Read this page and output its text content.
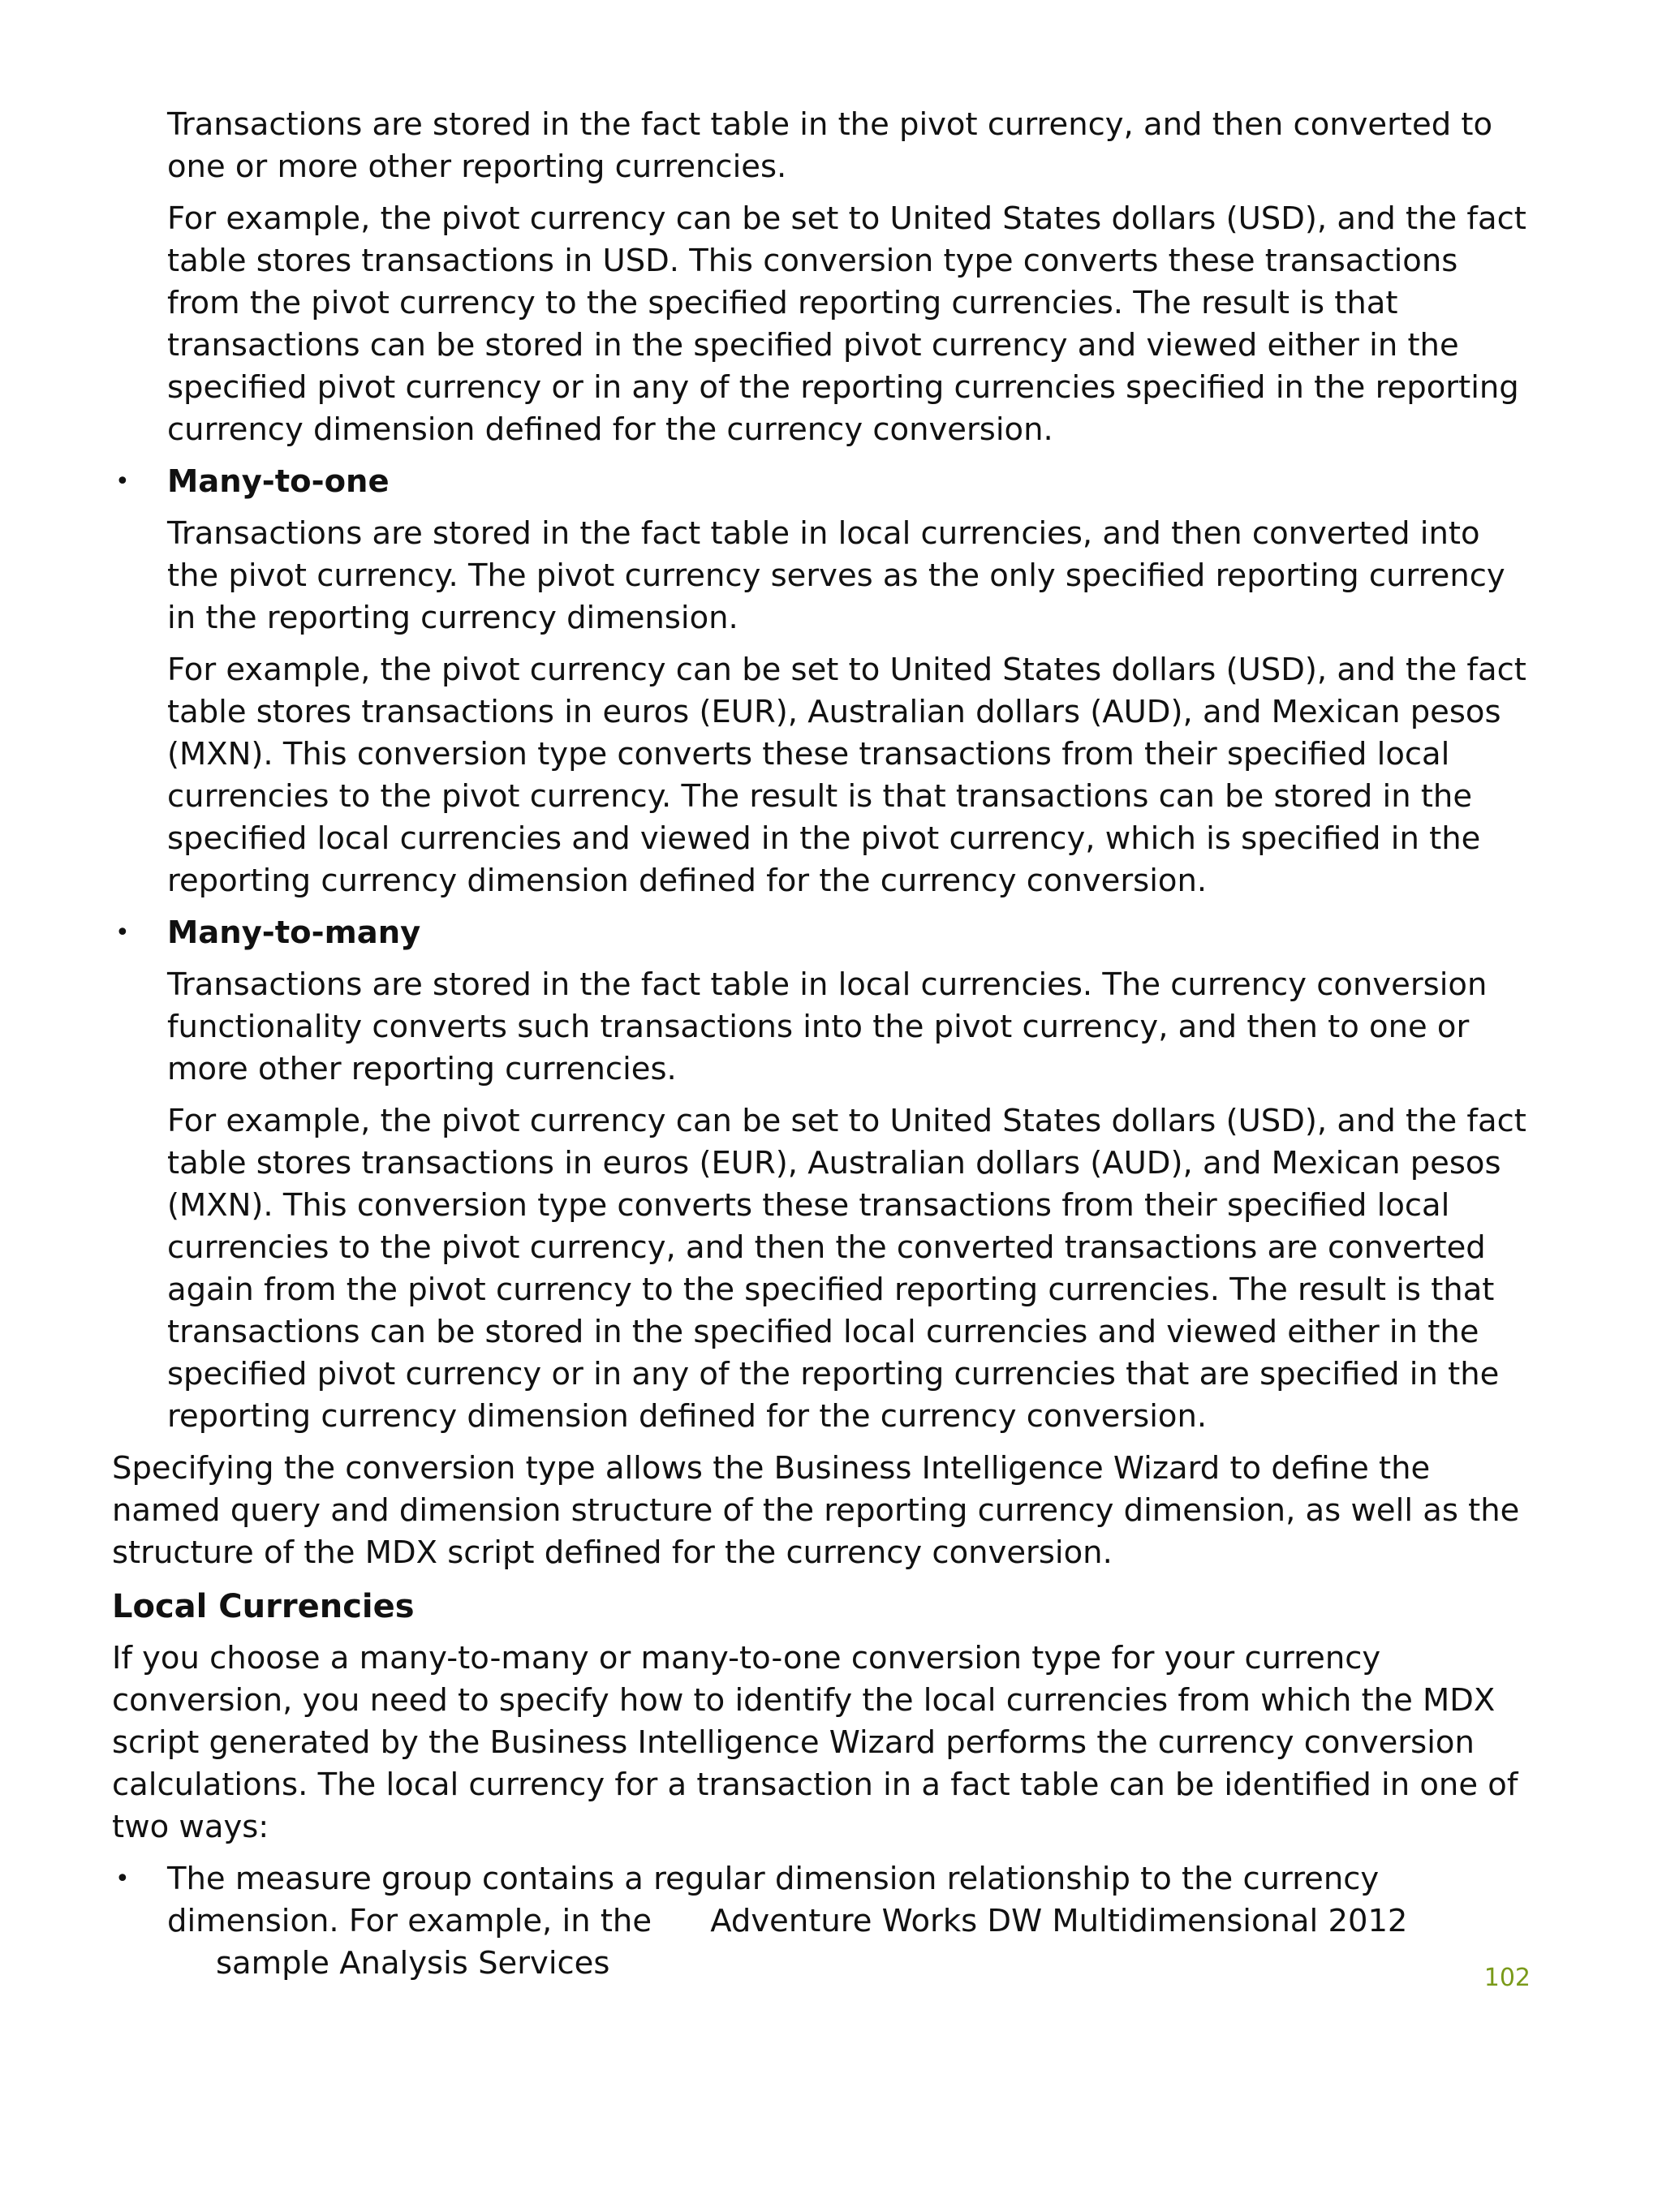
Transactions are stored in the fact table in the pivot currency, and then converted to one or more other reporting currencies.

For example, the pivot currency can be set to United States dollars (USD), and the fact table stores transactions in USD. This conversion type converts these transactions from the pivot currency to the specified reporting currencies. The result is that transactions can be stored in the specified pivot currency and viewed either in the specified pivot currency or in any of the reporting currencies specified in the reporting currency dimension defined for the currency conversion.

• Many-to-one

Transactions are stored in the fact table in local currencies, and then converted into the pivot currency. The pivot currency serves as the only specified reporting currency in the reporting currency dimension.

For example, the pivot currency can be set to United States dollars (USD), and the fact table stores transactions in euros (EUR), Australian dollars (AUD), and Mexican pesos (MXN). This conversion type converts these transactions from their specified local currencies to the pivot currency. The result is that transactions can be stored in the specified local currencies and viewed in the pivot currency, which is specified in the reporting currency dimension defined for the currency conversion.

• Many-to-many

Transactions are stored in the fact table in local currencies. The currency conversion functionality converts such transactions into the pivot currency, and then to one or more other reporting currencies.

For example, the pivot currency can be set to United States dollars (USD), and the fact table stores transactions in euros (EUR), Australian dollars (AUD), and Mexican pesos (MXN). This conversion type converts these transactions from their specified local currencies to the pivot currency, and then the converted transactions are converted again from the pivot currency to the specified reporting currencies. The result is that transactions can be stored in the specified local currencies and viewed either in the specified pivot currency or in any of the reporting currencies that are specified in the reporting currency dimension defined for the currency conversion.

Specifying the conversion type allows the Business Intelligence Wizard to define the named query and dimension structure of the reporting currency dimension, as well as the structure of the MDX script defined for the currency conversion.

Local Currencies

If you choose a many-to-many or many-to-one conversion type for your currency conversion, you need to specify how to identify the local currencies from which the MDX script generated by the Business Intelligence Wizard performs the currency conversion calculations. The local currency for a transaction in a fact table can be identified in one of two ways:

• The measure group contains a regular dimension relationship to the currency dimension. For example, in the Adventure Works DW Multidimensional 2012 sample Analysis Services	102
